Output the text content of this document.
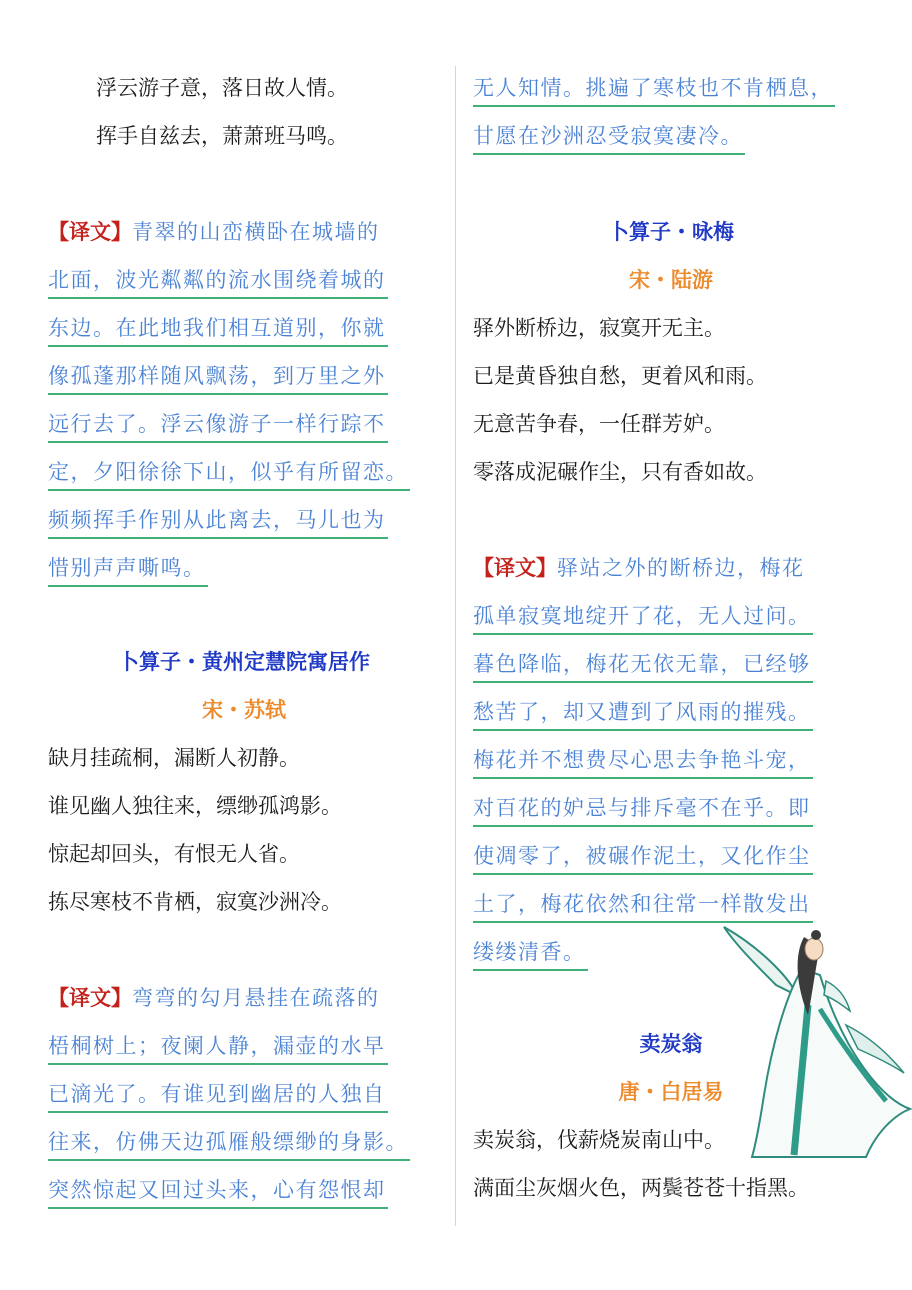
浮云游子意，落日故人情。
挥手自兹去，萧萧班马鸣。
【译文】青翠的山峦横卧在城墙的
北面，波光粼粼的流水围绕着城的
东边。在此地我们相互道别，你就
像孤蓬那样随风飘荡，到万里之外
远行去了。浮云像游子一样行踪不
定，夕阳徐徐下山，似乎有所留恋。
频频挥手作别从此离去，马儿也为
惜别声声嘶鸣。
卜算子・黄州定慧院寓居作
宋・苏轼
缺月挂疏桐，漏断人初静。
谁见幽人独往来，缥缈孤鸿影。
惊起却回头，有恨无人省。
拣尽寒枝不肯栖，寂寞沙洲冷。
【译文】弯弯的勾月悬挂在疏落的
梧桐树上；夜阑人静，漏壶的水早
已滴光了。有谁见到幽居的人独自
往来，仿佛天边孤雁般缥缈的身影。
突然惊起又回过头来，心有怨恨却
无人知情。挑遍了寒枝也不肯栖息，
甘愿在沙洲忍受寂寞凄冷。
卜算子・咏梅
宋・陆游
驿外断桥边，寂寞开无主。
已是黄昏独自愁，更着风和雨。
无意苦争春，一任群芳妒。
零落成泥碾作尘，只有香如故。
【译文】驿站之外的断桥边，梅花
孤单寂寞地绽开了花，无人过问。
暮色降临，梅花无依无靠，已经够
愁苦了，却又遭到了风雨的摧残。
梅花并不想费尽心思去争艳斗宠，
对百花的妒忌与排斥毫不在乎。即
使凋零了，被碾作泥土，又化作尘
土了，梅花依然和往常一样散发出
缕缕清香。
卖炭翁
唐・白居易
卖炭翁，伐薪烧炭南山中。
满面尘灰烟火色，两鬓苍苍十指黑。
